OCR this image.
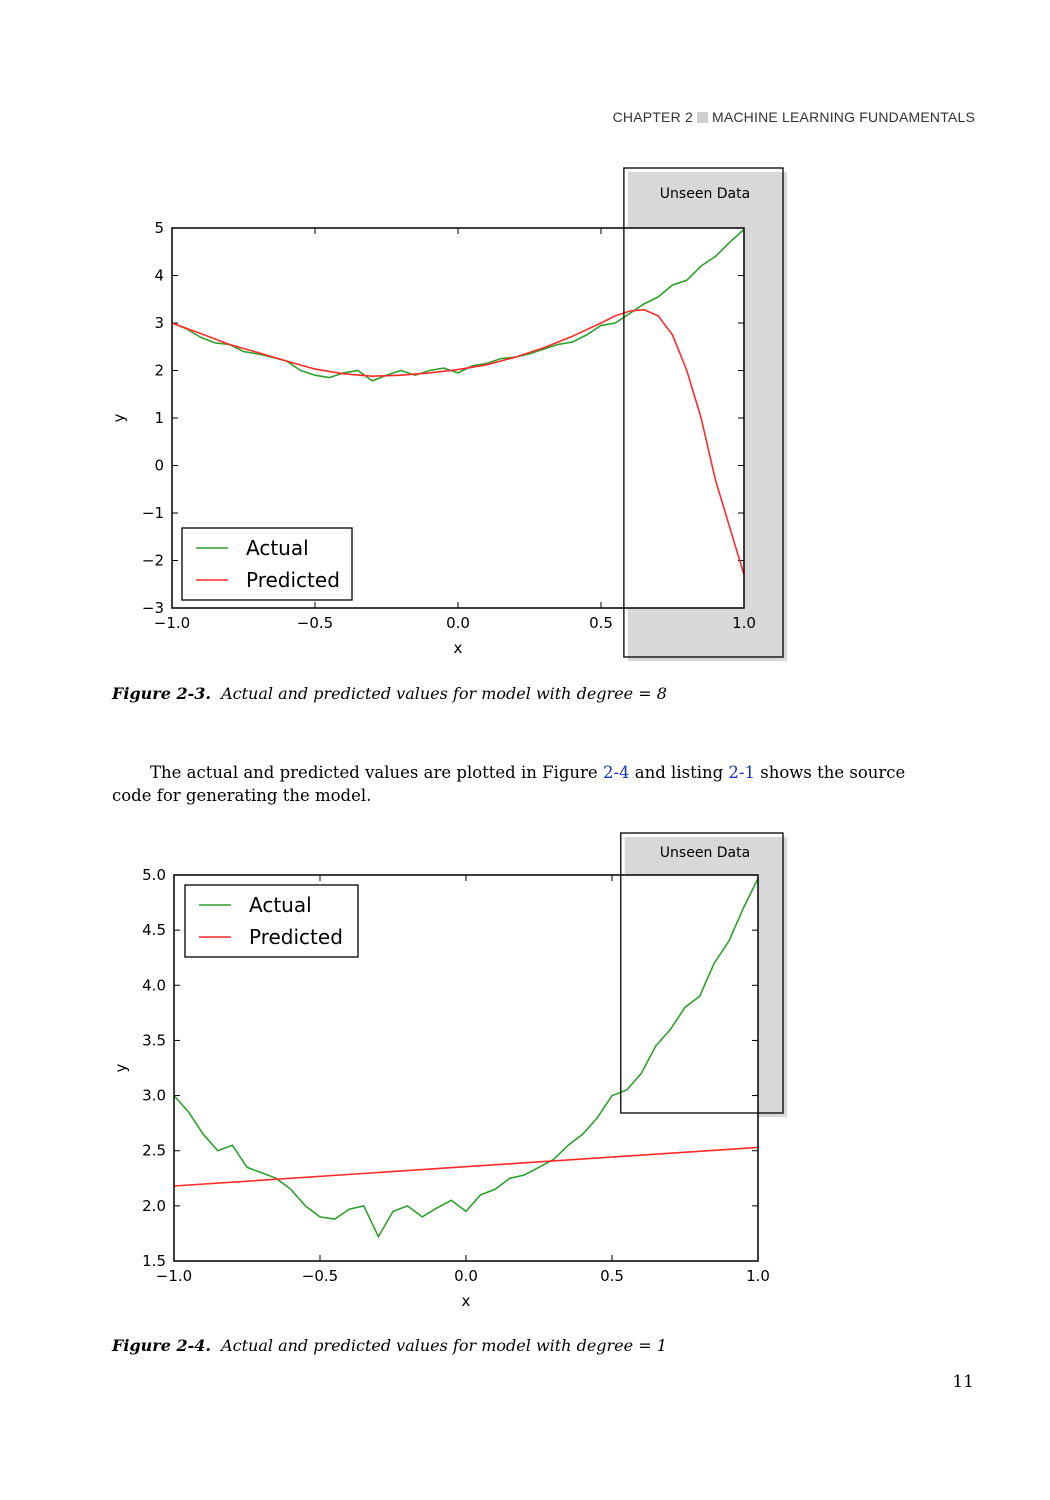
CHAPTER 2 MACHINE LEARNING FUNDAMENTALS
−1.0	−0.5	0.0	0.5	1.0
−3
−2
−1
0
1
2
3
4
5
x
y
Unseen Data
Actual
Predicted
Figure 2-3. Actual and predicted values for model with degree = 8

The actual and predicted values are plotted in Figure 2-4 and listing 2-1 shows the source code for generating the model.

−1.0	−0.5	0.0	0.5	1.0
1.5
2.0
2.5
3.0
3.5
4.0
4.5
5.0
x
y
Unseen Data
Actual
Predicted
Figure 2-4. Actual and predicted values for model with degree = 1
11
